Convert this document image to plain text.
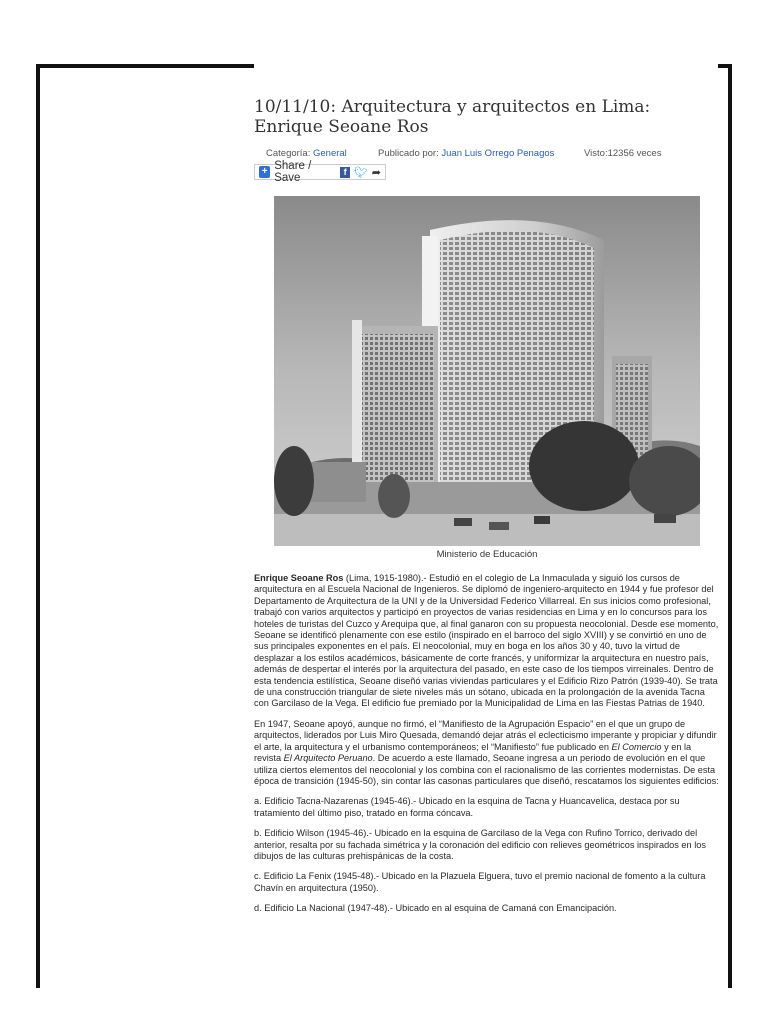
10/11/10: Arquitectura y arquitectos en Lima: Enrique Seoane Ros
Categoría: General	Publicado por: Juan Luis Orrego Penagos	Visto:12356 veces
+ Share / Save
f 🐦︎ ➦
Ministerio de Educación

Enrique Seoane Ros (Lima, 1915-1980).- Estudió en el colegio de La Inmaculada y siguió los cursos de arquitectura en al Escuela Nacional de Ingenieros. Se diplomó de ingeniero-arquitecto en 1944 y fue profesor del Departamento de Arquitectura de la UNI y de la Universidad Federico Villarreal. En sus inicios como profesional, trabajó con varios arquitectos y participó en proyectos de varias residencias en Lima y en lo concursos para los hoteles de turistas del Cuzco y Arequipa que, al final ganaron con su propuesta neocolonial. Desde ese momento, Seoane se identificó plenamente con ese estilo (inspirado en el barroco del siglo XVIII) y se convirtió en uno de sus principales exponentes en el país. El neocolonial, muy en boga en los años 30 y 40, tuvo la virtud de desplazar a los estilos académicos, básicamente de corte francés, y uniformizar la arquitectura en nuestro país, además de despertar el interés por la arquitectura del pasado, en este caso de los tiempos virreinales. Dentro de esta tendencia estilística, Seoane diseñó varias viviendas particulares y el Edificio Rizo Patrón (1939-40). Se trata de una construcción triangular de siete niveles más un sótano, ubicada en la prolongación de la avenida Tacna con Garcilaso de la Vega. El edificio fue premiado por la Municipalidad de Lima en las Fiestas Patrias de 1940.

En 1947, Seoane apoyó, aunque no firmó, el “Manifiesto de la Agrupación Espacio” en el que un grupo de arquitectos, liderados por Luis Miro Quesada, demandó dejar atrás el eclecticismo imperante y propiciar y difundir el arte, la arquitectura y el urbanismo contemporáneos; el “Manifiesto” fue publicado en El Comercio y en la revista El Arquitecto Peruano. De acuerdo a este llamado, Seoane ingresa a un periodo de evolución en el que utiliza ciertos elementos del neocolonial y los combina con el racionalismo de las corrientes modernistas. De esta época de transición (1945-50), sin contar las casonas particulares que diseñó, rescatamos los siguientes edificios:

a. Edificio Tacna-Nazarenas (1945-46).- Ubicado en la esquina de Tacna y Huancavelica, destaca por su tratamiento del último piso, tratado en forma cóncava.

b. Edificio Wilson (1945-46).- Ubicado en la esquina de Garcilaso de la Vega con Rufino Torrico, derivado del anterior, resalta por su fachada simétrica y la coronación del edificio con relieves geométricos inspirados en los dibujos de las culturas prehispánicas de la costa.

c. Edificio La Fenix (1945-48).- Ubicado en la Plazuela Elguera, tuvo el premio nacional de fomento a la cultura Chavín en arquitectura (1950).

d. Edificio La Nacional (1947-48).- Ubicado en al esquina de Camaná con Emancipación.
